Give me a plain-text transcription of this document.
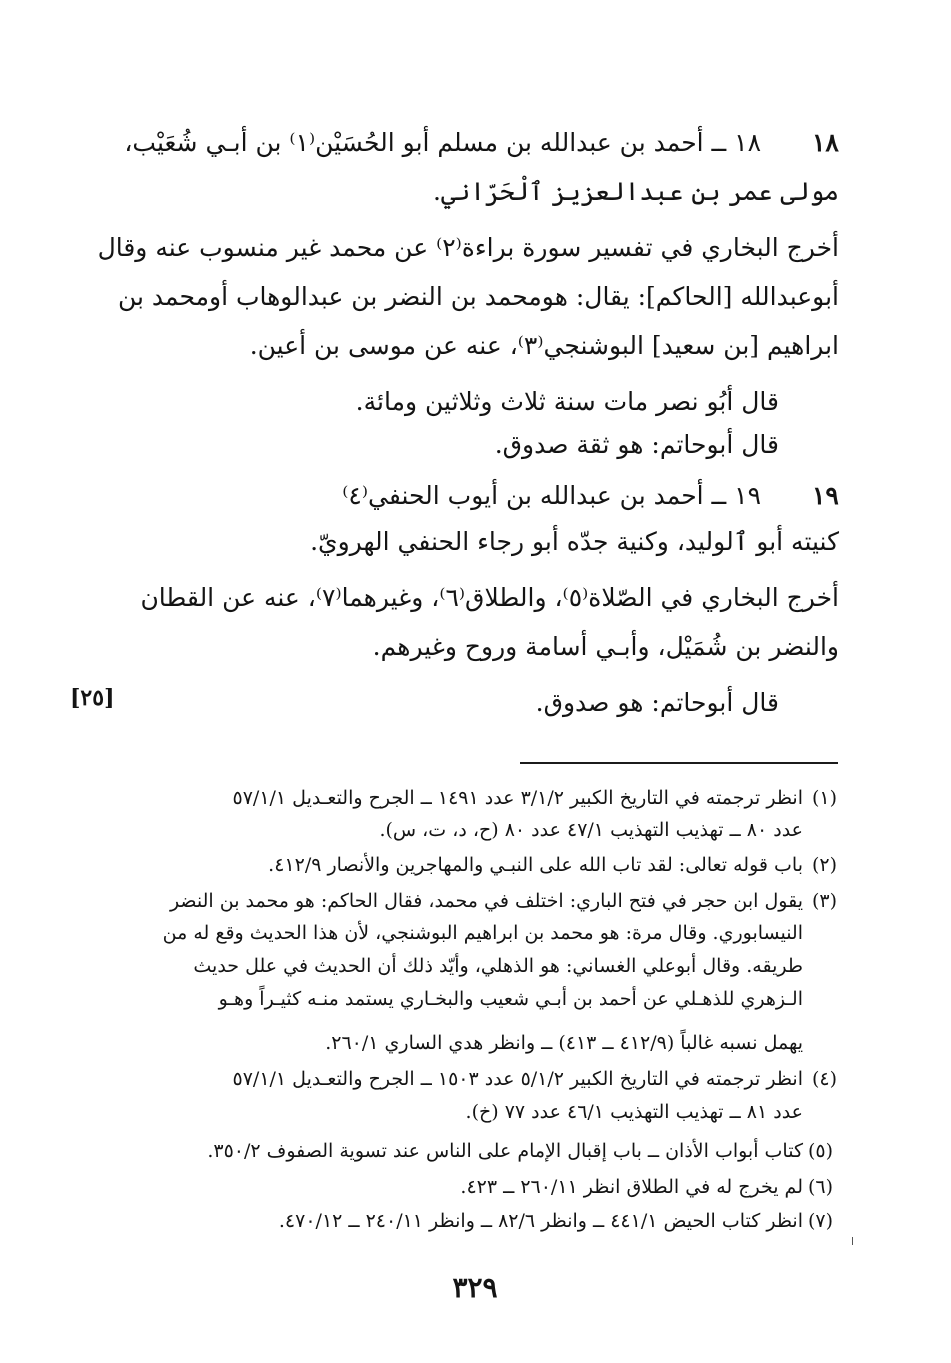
١٨
١٨ ــ أحمد بن عبدالله بن مسلم أبو الحُسَيْن⁽١⁾ بن أبـي شُعَيْب،
مولى عمر بن عبدالعزيز ٱلْحَرّاني.
أخرج البخاري في تفسير سورة براءة⁽٢⁾ عن محمد غير منسوب عنه وقال
أبوعبدالله [الحاكم]: يقال: هومحمد بن النضر بن عبدالوهاب أومحمد بن
ابراهيم [بن سعيد] البوشنجي⁽٣⁾، عنه عن موسى بن أعين.
قال أبُو نصر مات سنة ثلاث وثلاثين ومائة.
قال أبوحاتم: هو ثقة صدوق.
١٩
١٩ ــ أحمد بن عبدالله بن أيوب الحنفي⁽٤⁾
كنيته أبو ٱلوليد، وكنية جدّه أبو رجاء الحنفي الهرويّ.
أخرج البخاري في الصّلاة⁽٥⁾، والطلاق⁽٦⁾، وغيرهما⁽٧⁾، عنه عن القطان
والنضر بن شُمَيْل، وأبـي أسامة وروح وغيرهم.
[٢٥]	قال أبوحاتم: هو صدوق.
(١)
انظر ترجمته في التاريخ الكبير ٣/١/٢ عدد ١٤٩١ ــ الجرح والتعـديل ٥٧/١/١
عدد ٨٠ ــ تهذيب التهذيب ٤٧/١ عدد ٨٠ (ح، د، ت، س).
(٢)
باب قوله تعالى: لقد تاب الله على النبـي والمهاجرين والأنصار ٤١٢/٩.
(٣)
يقول ابن حجر في فتح الباري: اختلف في محمد، فقال الحاكم: هو محمد بن النضر
النيسابوري. وقال مرة: هو محمد بن ابراهيم البوشنجي، لأن هذا الحديث وقع له من
طريقه. وقال أبوعلي الغساني: هو الذهلي، وأيّد ذلك أن الحديث في علل حديث
الـزهري للذهـلي عن أحمد بن أبـي شعيب والبخـاري يستمد منـه كثيـراً وهـو
يهمل نسبه غالباً (٤١٢/٩ ــ ٤١٣) ــ وانظر هدي الساري ٢٦٠/١.
(٤)
انظر ترجمته في التاريخ الكبير ٥/١/٢ عدد ١٥٠٣ ــ الجرح والتعـديل ٥٧/١/١
عدد ٨١ ــ تهذيب التهذيب ٤٦/١ عدد ٧٧ (خ).
(٥)
كتاب أبواب الأذان ــ باب إقبال الإمام على الناس عند تسوية الصفوف ٣٥٠/٢.
(٦)
لم يخرج له في الطلاق انظر ٢٦٠/١١ ــ ٤٢٣.
(٧)
انظر كتاب الحيض ٤٤١/١ ــ وانظر ٨٢/٦ ــ وانظر ٢٤٠/١١ ــ ٤٧٠/١٢.
٣٢٩
